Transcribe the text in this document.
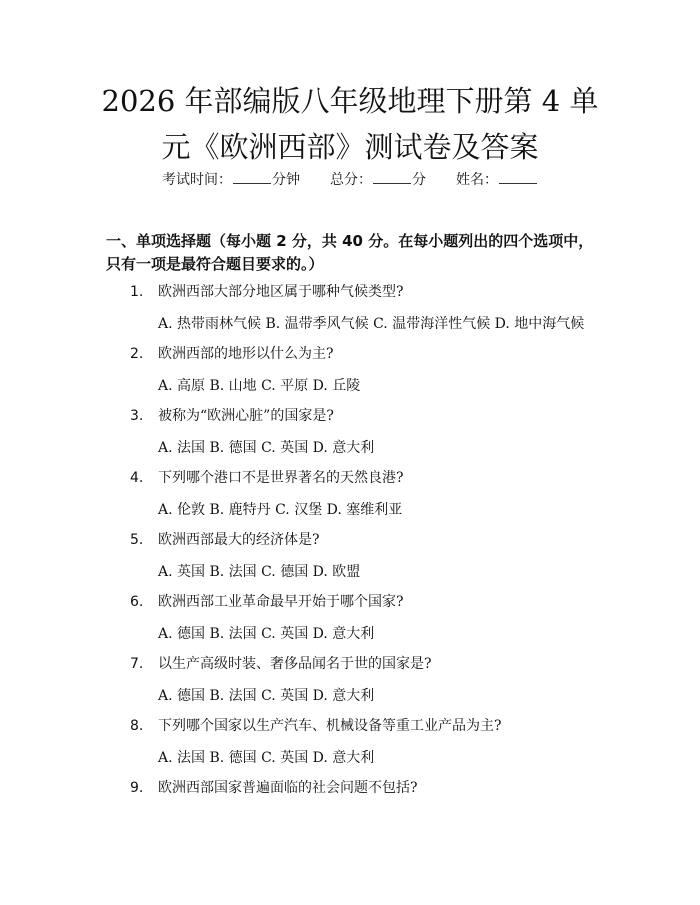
2026 年部编版八年级地理下册第 4 单元《欧洲西部》测试卷及答案
考试时间：	分钟 总分：	分 姓名：
一、单项选择题（每小题 2 分，共 40 分。在每小题列出的四个选项中，只有一项是最符合题目要求的。）
1. 欧洲西部大部分地区属于哪种气候类型?
A. 热带雨林气候 B. 温带季风气候 C. 温带海洋性气候 D. 地中海气候
2. 欧洲西部的地形以什么为主?
A. 高原 B. 山地 C. 平原 D. 丘陵
3. 被称为“欧洲心脏”的国家是?
A. 法国 B. 德国 C. 英国 D. 意大利
4. 下列哪个港口不是世界著名的天然良港?
A. 伦敦 B. 鹿特丹 C. 汉堡 D. 塞维利亚
5. 欧洲西部最大的经济体是?
A. 英国 B. 法国 C. 德国 D. 欧盟
6. 欧洲西部工业革命最早开始于哪个国家?
A. 德国 B. 法国 C. 英国 D. 意大利
7. 以生产高级时装、奢侈品闻名于世的国家是?
A. 德国 B. 法国 C. 英国 D. 意大利
8. 下列哪个国家以生产汽车、机械设备等重工业产品为主?
A. 法国 B. 德国 C. 英国 D. 意大利
9. 欧洲西部国家普遍面临的社会问题不包括?
